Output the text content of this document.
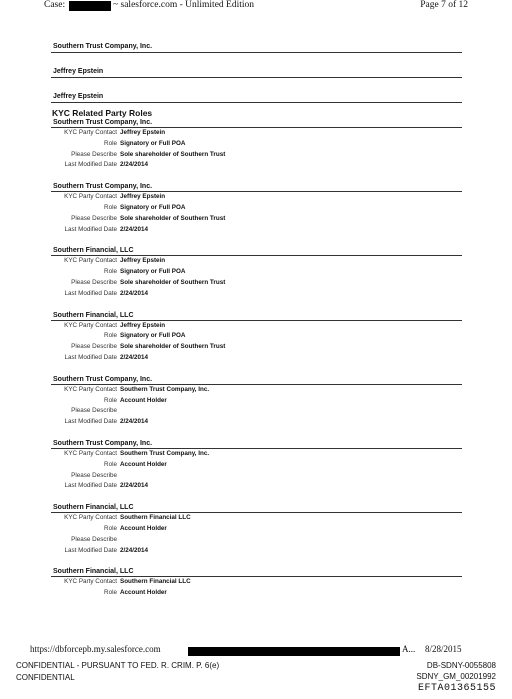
Case:	~ salesforce.com - Unlimited Edition	Page 7 of 12
Southern Trust Company, Inc.
Jeffrey Epstein
Jeffrey Epstein
KYC Related Party Roles
Southern Trust Company, Inc.
KYC Party Contact Jeffrey Epstein
Role Signatory or Full POA
Please Describe Sole shareholder of Southern Trust
Last Modified Date 2/24/2014
Southern Trust Company, Inc.
KYC Party Contact Jeffrey Epstein
Role Signatory or Full POA
Please Describe Sole shareholder of Southern Trust
Last Modified Date 2/24/2014
Southern Financial, LLC
KYC Party Contact Jeffrey Epstein
Role Signatory or Full POA
Please Describe Sole shareholder of Southern Trust
Last Modified Date 2/24/2014
Southern Financial, LLC
KYC Party Contact Jeffrey Epstein
Role Signatory or Full POA
Please Describe Sole shareholder of Southern Trust
Last Modified Date 2/24/2014
Southern Trust Company, Inc.
KYC Party Contact Southern Trust Company, Inc.
Role Account Holder
Please Describe
Last Modified Date 2/24/2014
Southern Trust Company, Inc.
KYC Party Contact Southern Trust Company, Inc.
Role Account Holder
Please Describe
Last Modified Date 2/24/2014
Southern Financial, LLC
KYC Party Contact Southern Financial LLC
Role Account Holder
Please Describe
Last Modified Date 2/24/2014
Southern Financial, LLC
KYC Party Contact Southern Financial LLC
Role Account Holder
https://dbforcepb.my.salesforce.com	A... 8/28/2015
CONFIDENTIAL - PURSUANT TO FED. R. CRIM. P. 6(e)
CONFIDENTIAL
DB-SDNY-0055808
SDNY_GM_00201992
EFTA01365155
